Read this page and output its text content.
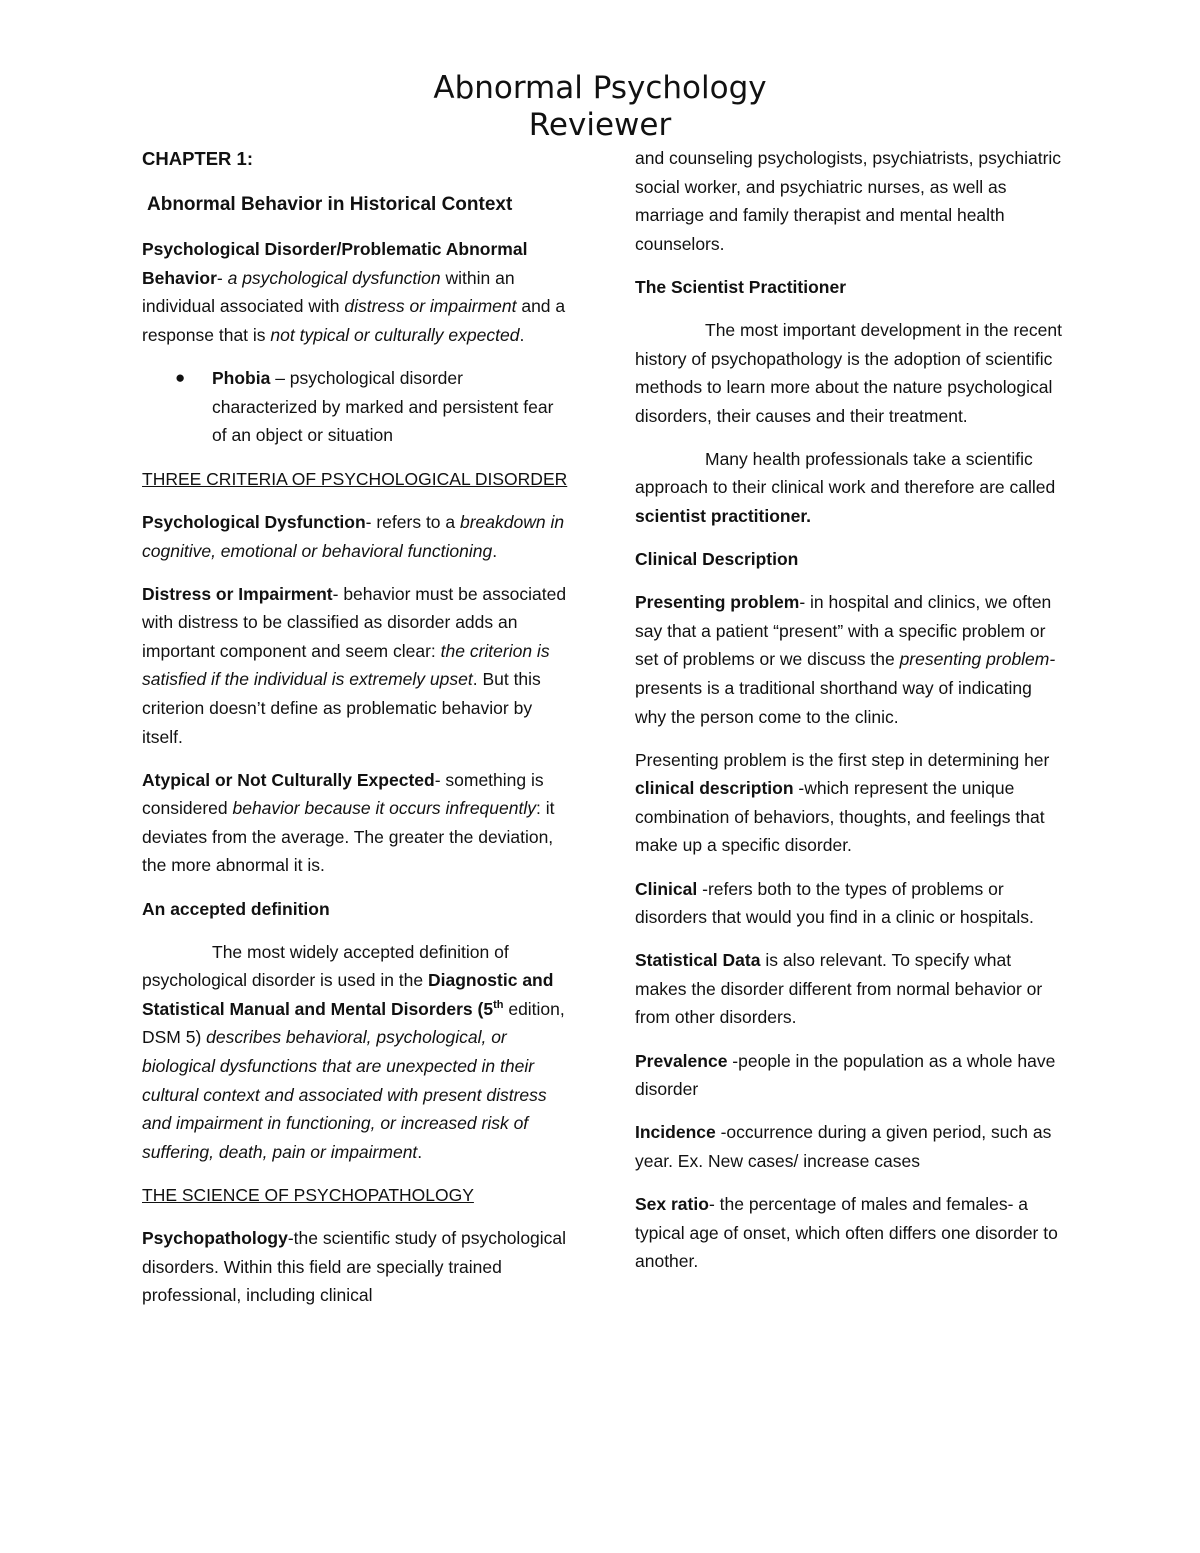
Abnormal Psychology
Reviewer

CHAPTER 1:

Abnormal Behavior in Historical Context

Psychological Disorder/Problematic Abnormal Behavior- a psychological dysfunction within an individual associated with distress or impairment and a response that is not typical or culturally expected.

● Phobia – psychological disorder characterized by marked and persistent fear of an object or situation

THREE CRITERIA OF PSYCHOLOGICAL DISORDER

Psychological Dysfunction- refers to a breakdown in cognitive, emotional or behavioral functioning.

Distress or Impairment- behavior must be associated with distress to be classified as disorder adds an important component and seem clear: the criterion is satisfied if the individual is extremely upset. But this criterion doesn’t define as problematic behavior by itself.

Atypical or Not Culturally Expected- something is considered behavior because it occurs infrequently: it deviates from the average. The greater the deviation, the more abnormal it is.

An accepted definition

The most widely accepted definition of psychological disorder is used in the Diagnostic and Statistical Manual and Mental Disorders (5th edition, DSM 5) describes behavioral, psychological, or biological dysfunctions that are unexpected in their cultural context and associated with present distress and impairment in functioning, or increased risk of suffering, death, pain or impairment.

THE SCIENCE OF PSYCHOPATHOLOGY

Psychopathology-the scientific study of psychological disorders. Within this field are specially trained professional, including clinical

and counseling psychologists, psychiatrists, psychiatric social worker, and psychiatric nurses, as well as marriage and family therapist and mental health counselors.

The Scientist Practitioner

The most important development in the recent history of psychopathology is the adoption of scientific methods to learn more about the nature psychological disorders, their causes and their treatment.

Many health professionals take a scientific approach to their clinical work and therefore are called scientist practitioner.

Clinical Description

Presenting problem- in hospital and clinics, we often say that a patient “present” with a specific problem or set of problems or we discuss the presenting problem- presents is a traditional shorthand way of indicating why the person come to the clinic.

Presenting problem is the first step in determining her clinical description -which represent the unique combination of behaviors, thoughts, and feelings that make up a specific disorder.

Clinical -refers both to the types of problems or disorders that would you find in a clinic or hospitals.

Statistical Data is also relevant. To specify what makes the disorder different from normal behavior or from other disorders.

Prevalence -people in the population as a whole have disorder

Incidence -occurrence during a given period, such as year. Ex. New cases/ increase cases

Sex ratio- the percentage of males and females- a typical age of onset, which often differs one disorder to another.
